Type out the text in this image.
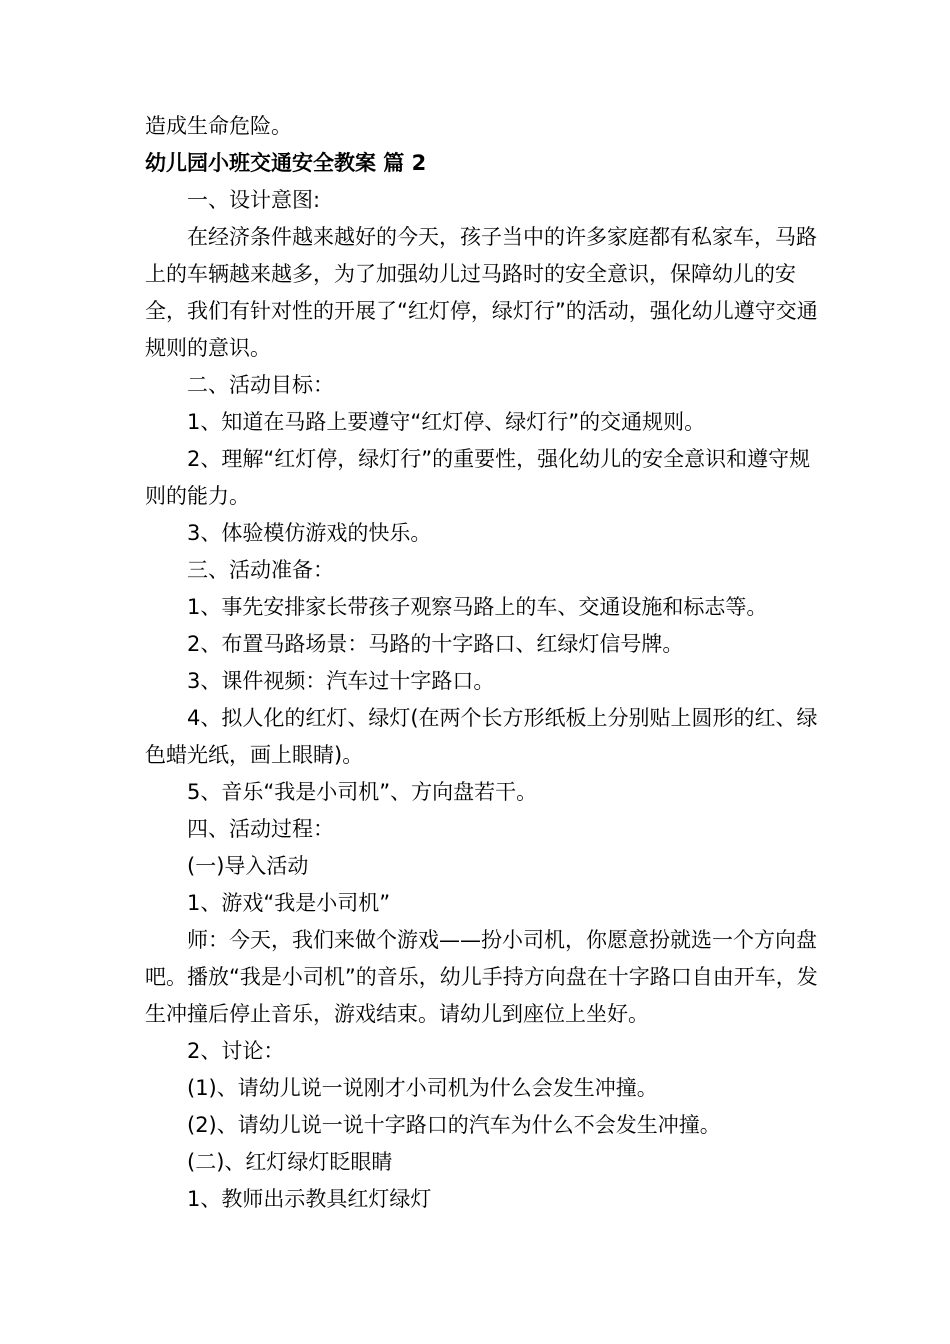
造成生命危险。

幼儿园小班交通安全教案 篇 2

一、设计意图:

在经济条件越来越好的今天，孩子当中的许多家庭都有私家车，马路上的车辆越来越多，为了加强幼儿过马路时的安全意识，保障幼儿的安全，我们有针对性的开展了“红灯停，绿灯行”的活动，强化幼儿遵守交通规则的意识。

二、活动目标：

1、知道在马路上要遵守“红灯停、绿灯行”的交通规则。

2、理解“红灯停，绿灯行”的重要性，强化幼儿的安全意识和遵守规则的能力。

3、体验模仿游戏的快乐。

三、活动准备：

1、事先安排家长带孩子观察马路上的车、交通设施和标志等。

2、布置马路场景：马路的十字路口、红绿灯信号牌。

3、课件视频：汽车过十字路口。

4、拟人化的红灯、绿灯(在两个长方形纸板上分别贴上圆形的红、绿色蜡光纸，画上眼睛)。

5、音乐“我是小司机”、方向盘若干。

四、活动过程：

(一)导入活动

1、游戏“我是小司机”

师：今天，我们来做个游戏——扮小司机，你愿意扮就选一个方向盘吧。播放“我是小司机”的音乐，幼儿手持方向盘在十字路口自由开车，发生冲撞后停止音乐，游戏结束。请幼儿到座位上坐好。

2、讨论：

(1)、请幼儿说一说刚才小司机为什么会发生冲撞。

(2)、请幼儿说一说十字路口的汽车为什么不会发生冲撞。

(二)、红灯绿灯眨眼睛

1、教师出示教具红灯绿灯
